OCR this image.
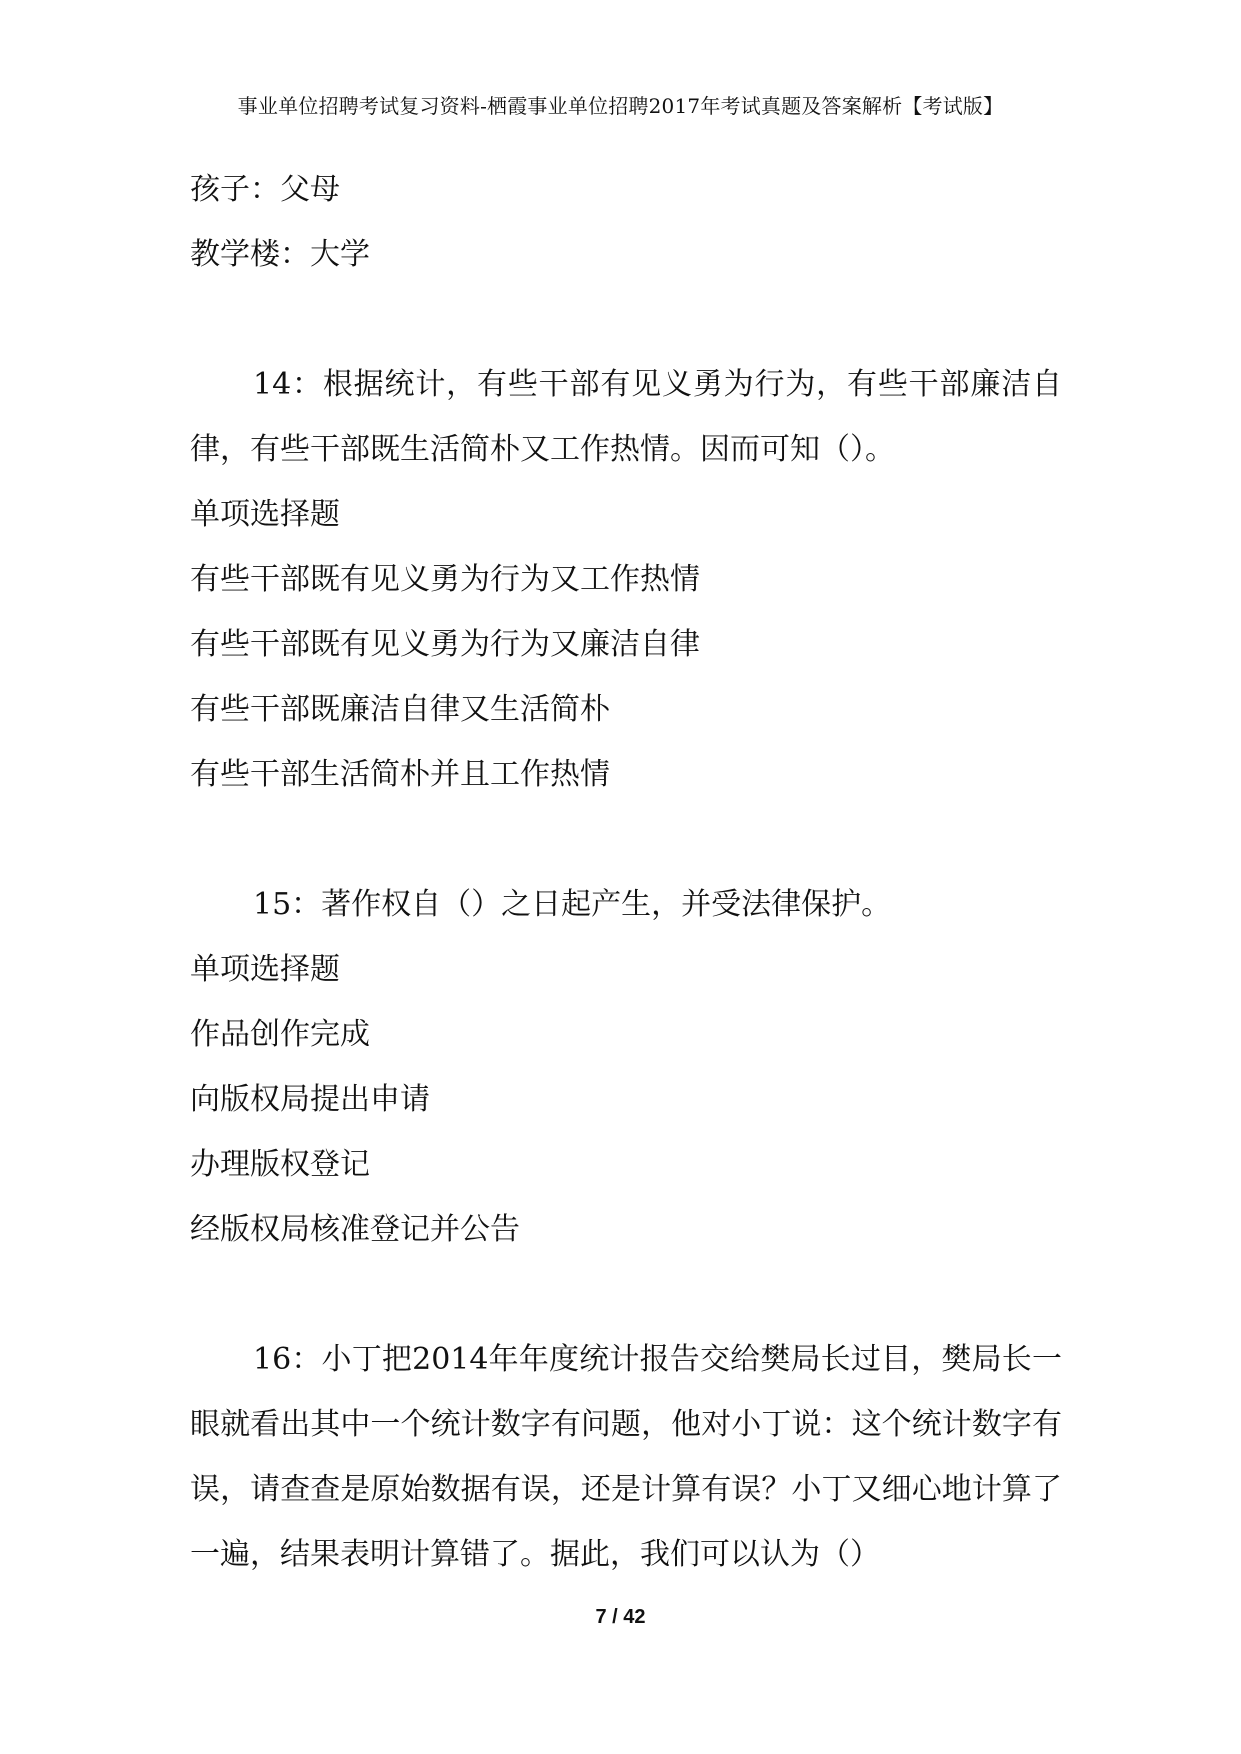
事业单位招聘考试复习资料-栖霞事业单位招聘2017年考试真题及答案解析【考试版】
孩子：父母
教学楼：大学

14：根据统计，有些干部有见义勇为行为，有些干部廉洁自律，有些干部既生活简朴又工作热情。因而可知（）。

单项选择题
有些干部既有见义勇为行为又工作热情
有些干部既有见义勇为行为又廉洁自律
有些干部既廉洁自律又生活简朴
有些干部生活简朴并且工作热情

15：著作权自（）之日起产生，并受法律保护。

单项选择题
作品创作完成
向版权局提出申请
办理版权登记
经版权局核准登记并公告

16：小丁把2014年年度统计报告交给樊局长过目，樊局长一眼就看出其中一个统计数字有问题，他对小丁说：这个统计数字有误，请查查是原始数据有误，还是计算有误？小丁又细心地计算了一遍，结果表明计算错了。据此，我们可以认为（）

7 / 42
